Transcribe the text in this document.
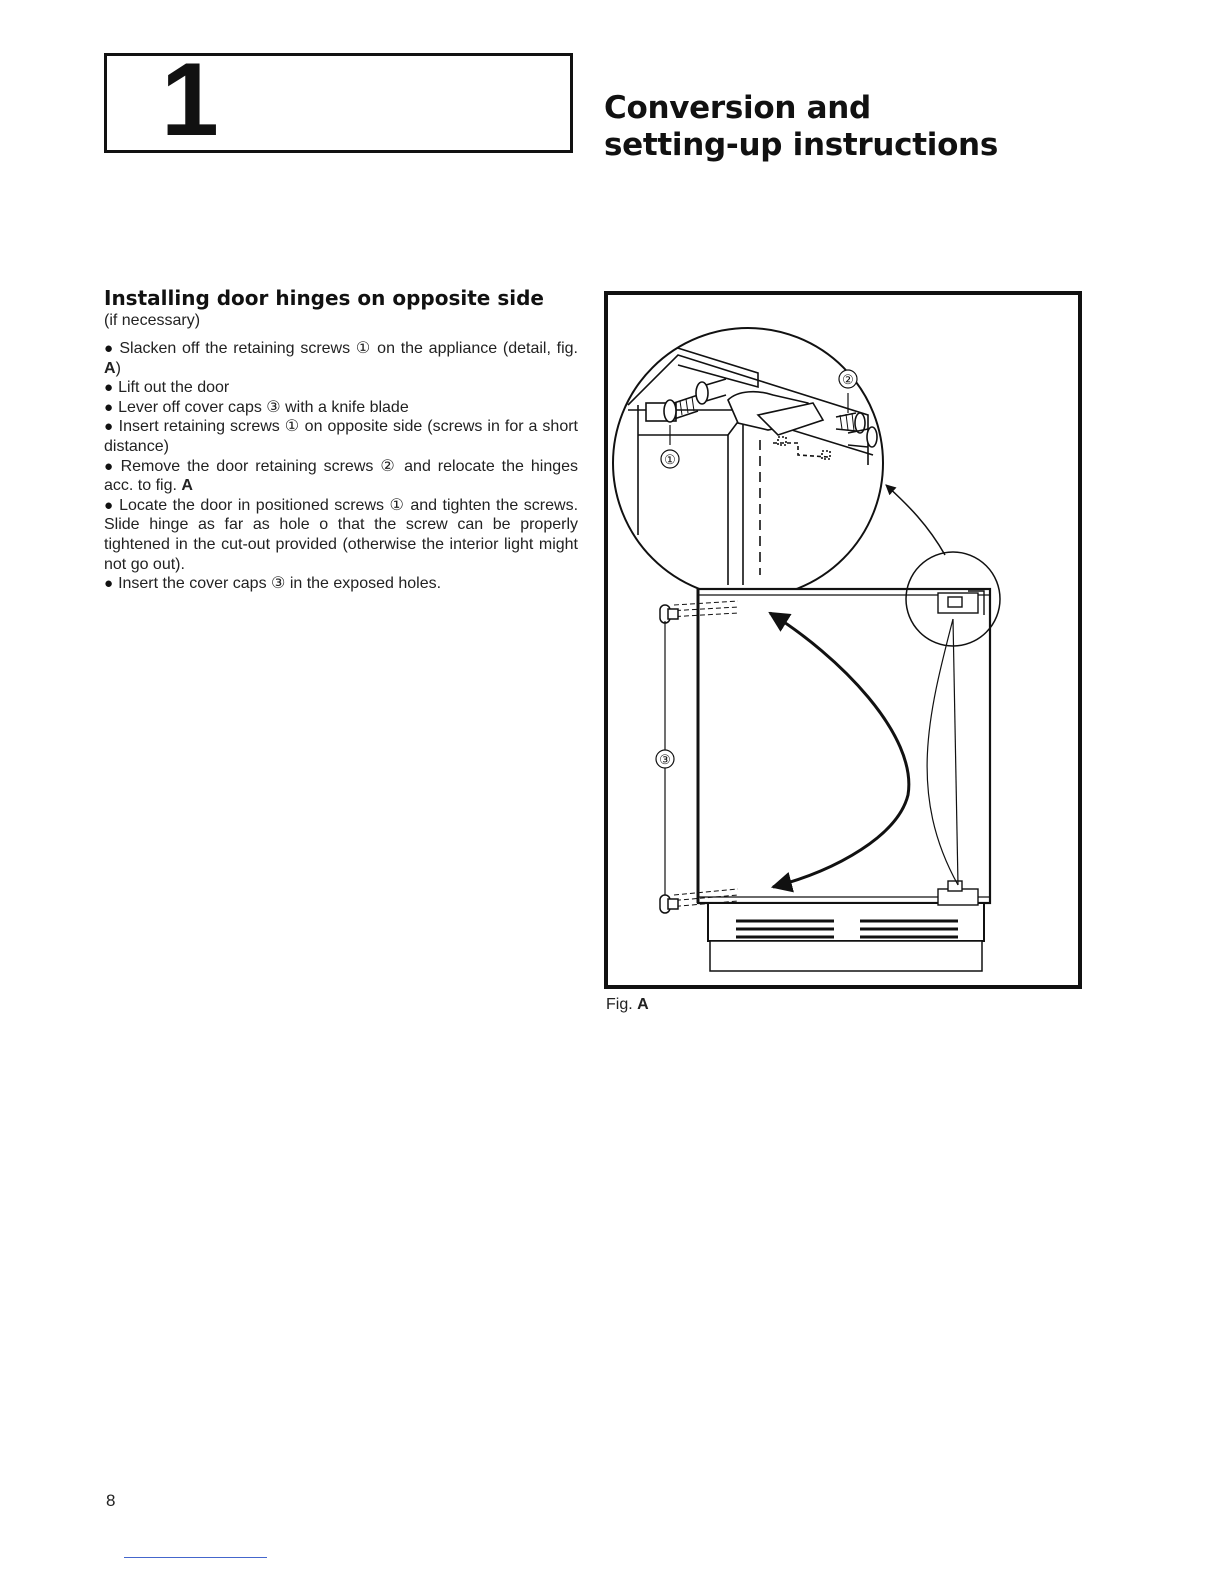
1	Conversion and
setting-up instructions
Installing door hinges on opposite side
(if necessary)
● Slacken off the retaining screws ① on the appliance (detail, fig. A)
● Lift out the door
● Lever off cover caps ③ with a knife blade
● Insert retaining screws ① on opposite side (screws in for a short distance)
● Remove the door retaining screws ② and relocate the hinges acc. to fig. A
● Locate the door in positioned screws ① and tighten the screws. Slide hinge as far as hole o that the screw can be properly tightened in the cut-out provided (otherwise the interior light might not go out).
● Insert the cover caps ③ in the exposed holes.
①
②
③
Fig. A
8
